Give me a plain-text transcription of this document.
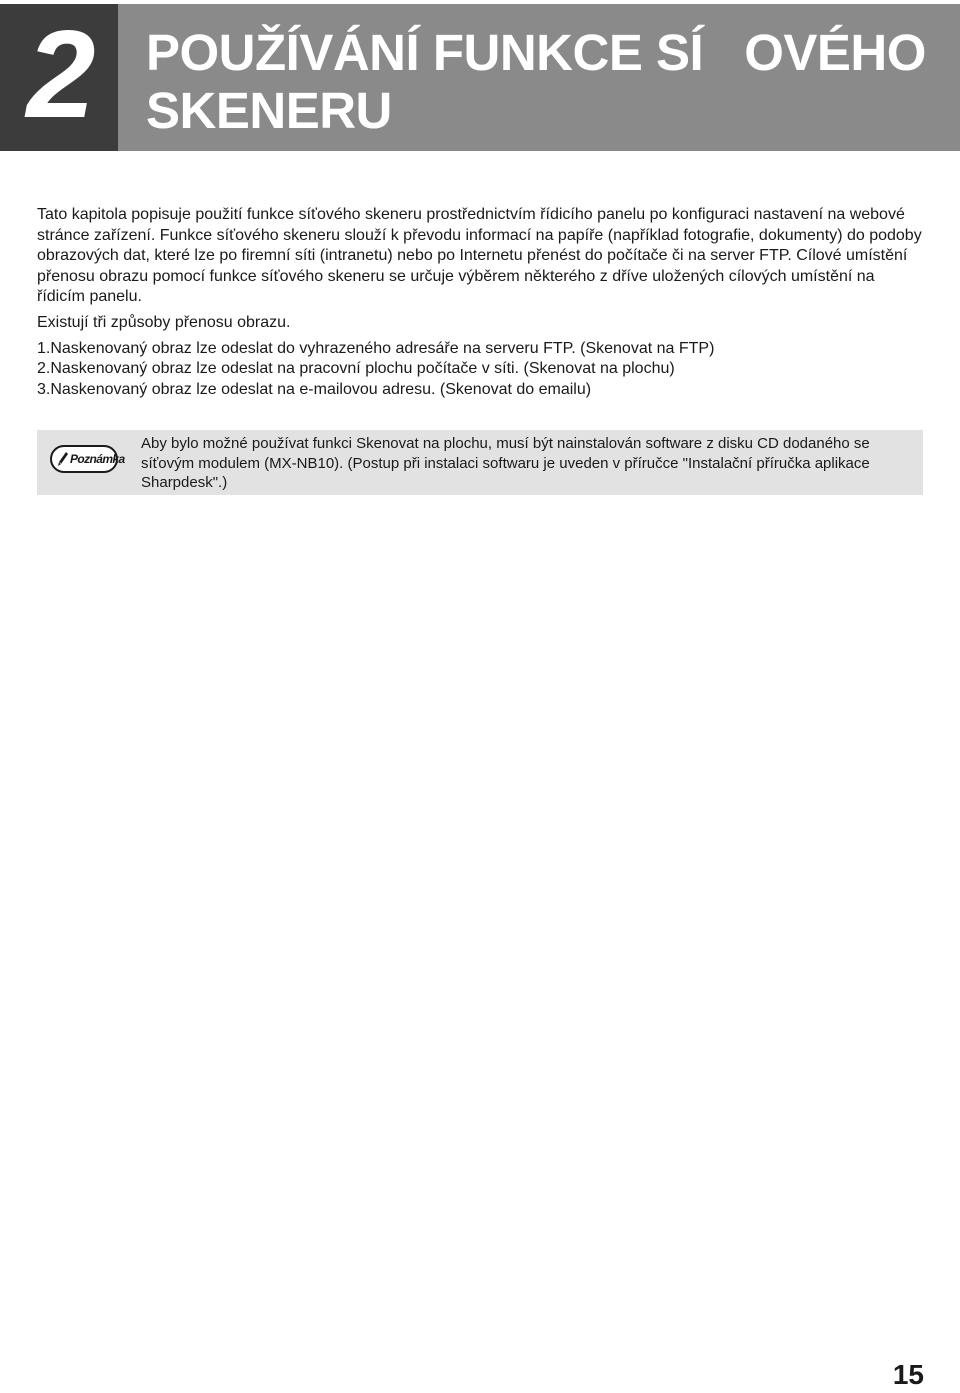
2	POUŽÍVÁNÍ FUNKCE SÍ   OVÉHO
SKENERU

Tato kapitola popisuje použití funkce síťového skeneru prostřednictvím řídicího panelu po konfiguraci nastavení na webové stránce zařízení. Funkce síťového skeneru slouží k převodu informací na papíře (například fotografie, dokumenty) do podoby obrazových dat, které lze po firemní síti (intranetu) nebo po Internetu přenést do počítače či na server FTP. Cílové umístění přenosu obrazu pomocí funkce síťového skeneru se určuje výběrem některého z dříve uložených cílových umístění na řídicím panelu.

Existují tři způsoby přenosu obrazu.

1.Naskenovaný obraz lze odeslat do vyhrazeného adresáře na serveru FTP. (Skenovat na FTP)
2.Naskenovaný obraz lze odeslat na pracovní plochu počítače v síti. (Skenovat na plochu)
3.Naskenovaný obraz lze odeslat na e-mailovou adresu. (Skenovat do emailu)
Poznámka
Aby bylo možné používat funkci Skenovat na plochu, musí být nainstalován software z disku CD dodaného se síťovým modulem (MX-NB10). (Postup při instalaci softwaru je uveden v příručce "Instalační příručka aplikace Sharpdesk".)
15
